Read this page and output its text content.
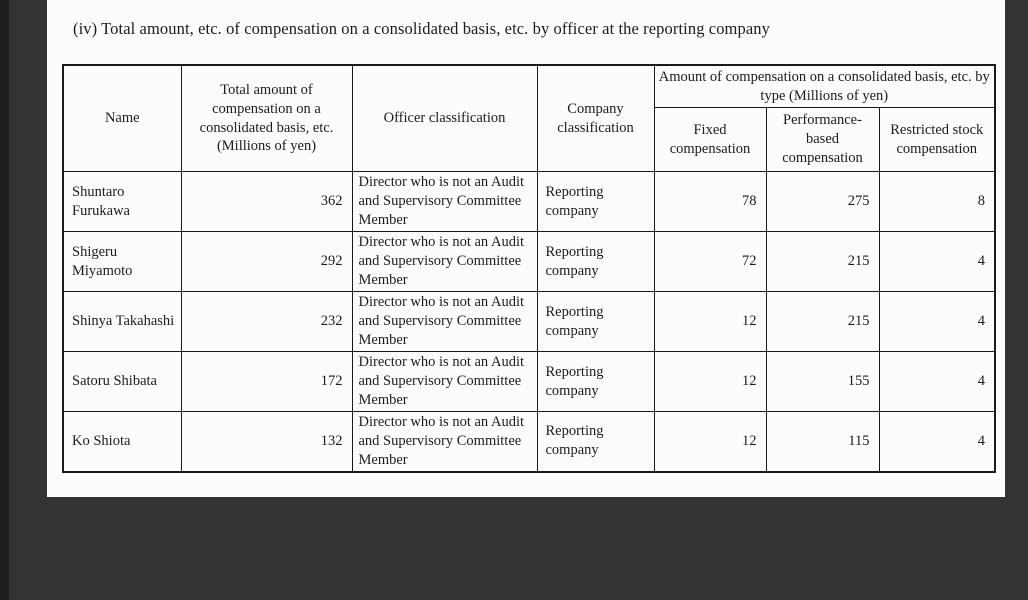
(iv) Total amount, etc. of compensation on a consolidated basis, etc. by officer at the reporting company
Name	Total amount of compensation on a consolidated basis, etc. (Millions of yen)	Officer classification	Company classification	Amount of compensation on a consolidated basis, etc. by type (Millions of yen)		
				Fixed compensation	Performance-based compensation	Restricted stock compensation
Shuntaro Furukawa	362	Director who is not an Audit and Supervisory Committee Member	Reporting company	78	275	8
Shigeru Miyamoto	292	Director who is not an Audit and Supervisory Committee Member	Reporting company	72	215	4
Shinya Takahashi	232	Director who is not an Audit and Supervisory Committee Member	Reporting company	12	215	4
Satoru Shibata	172	Director who is not an Audit and Supervisory Committee Member	Reporting company	12	155	4
Ko Shiota	132	Director who is not an Audit and Supervisory Committee Member	Reporting company	12	115	4
